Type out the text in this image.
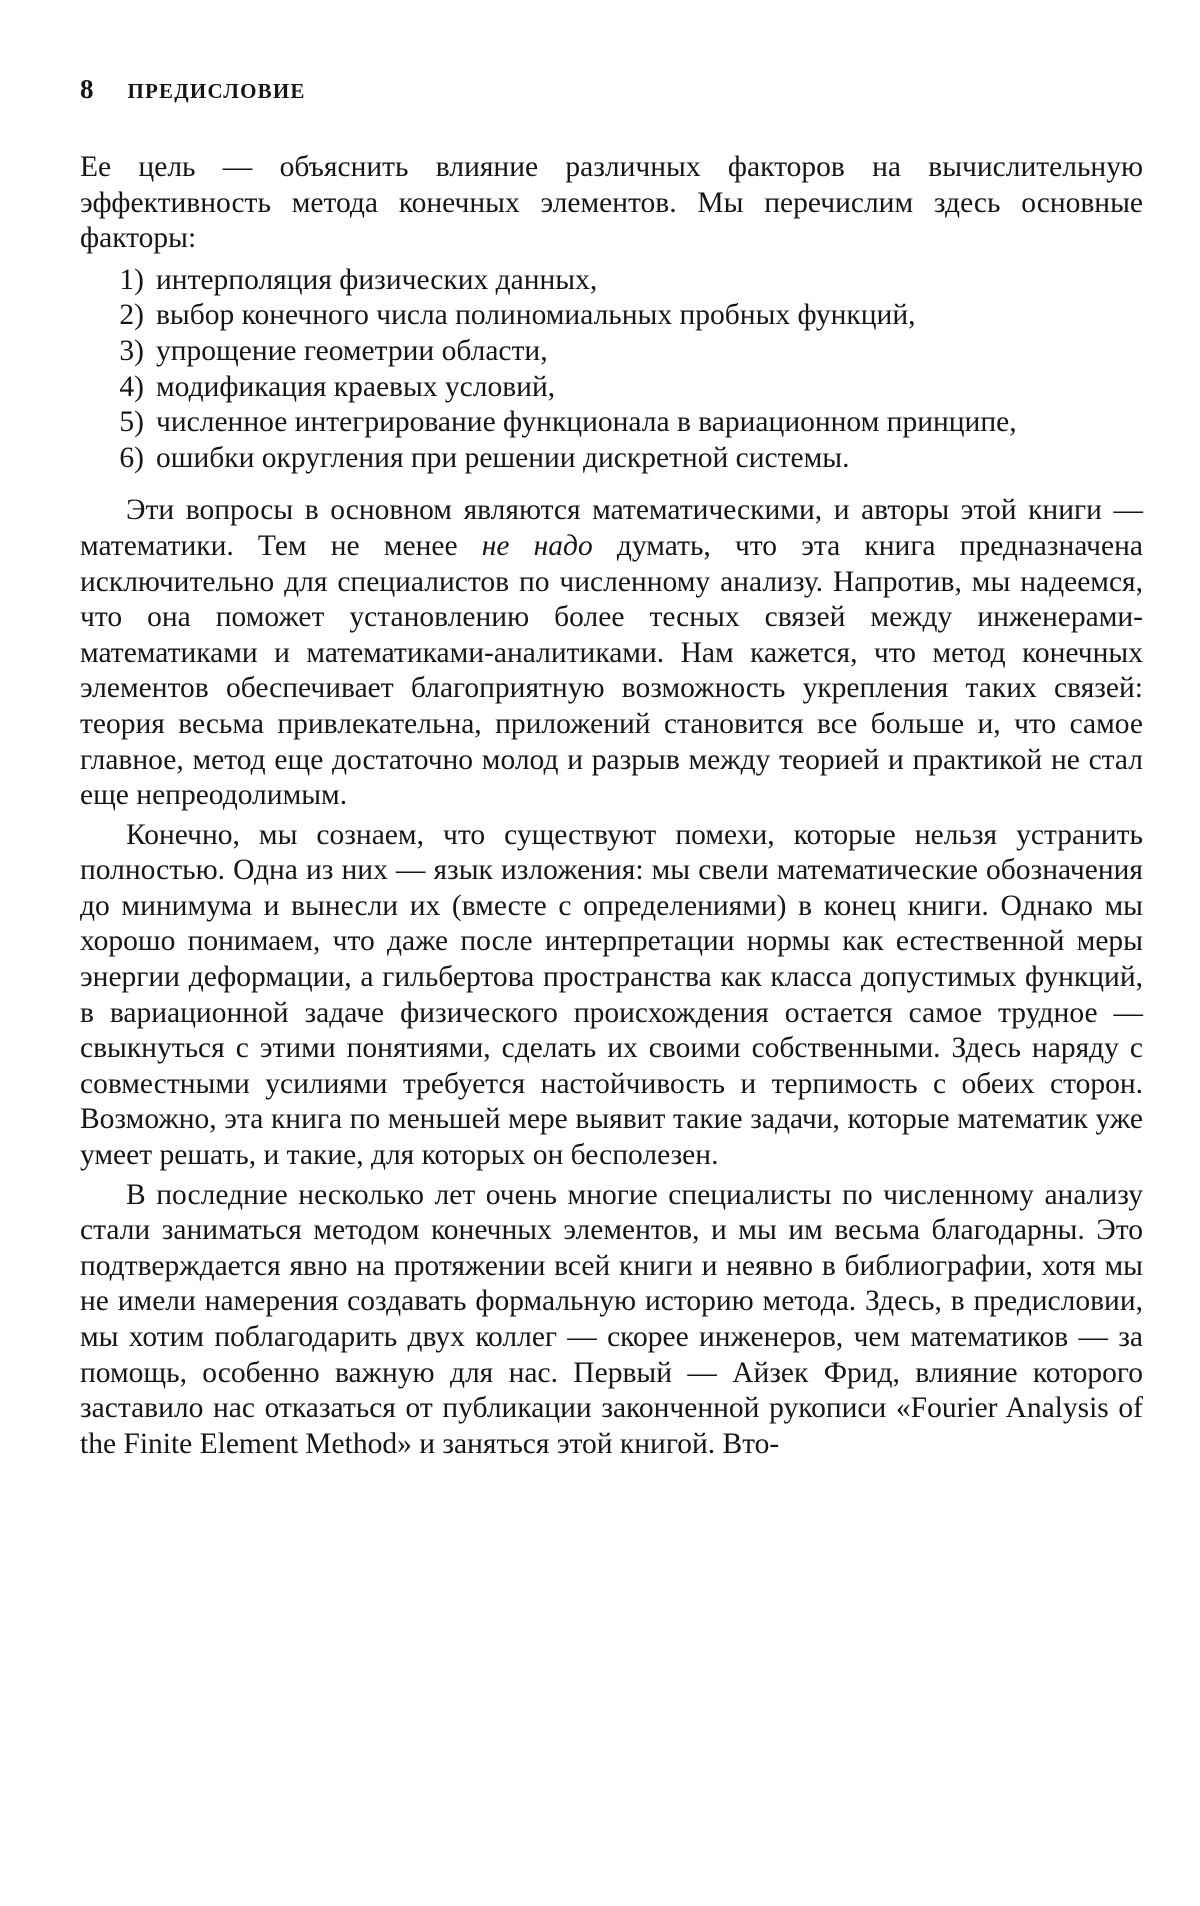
8 ПРЕДИСЛОВИЕ

Ее цель — объяснить влияние различных факторов на вычислительную эффективность метода конечных элементов. Мы перечислим здесь основные факторы:

1) интерполяция физических данных,
2) выбор конечного числа полиномиальных пробных функций,
3) упрощение геометрии области,
4) модификация краевых условий,
5) численное интегрирование функционала в вариационном принципе,
6) ошибки округления при решении дискретной системы.

Эти вопросы в основном являются математическими, и авторы этой книги — математики. Тем не менее не надо думать, что эта книга предназначена исключительно для специалистов по численному анализу. Напротив, мы надеемся, что она поможет установлению более тесных связей между инженерами-математиками и математиками-аналитиками. Нам кажется, что метод конечных элементов обеспечивает благоприятную возможность укрепления таких связей: теория весьма привлекательна, приложений становится все больше и, что самое главное, метод еще достаточно молод и разрыв между теорией и практикой не стал еще непреодолимым.

Конечно, мы сознаем, что существуют помехи, которые нельзя устранить полностью. Одна из них — язык изложения: мы свели математические обозначения до минимума и вынесли их (вместе с определениями) в конец книги. Однако мы хорошо понимаем, что даже после интерпретации нормы как естественной меры энергии деформации, а гильбертова пространства как класса допустимых функций, в вариационной задаче физического происхождения остается самое трудное — свыкнуться с этими понятиями, сделать их своими собственными. Здесь наряду с совместными усилиями требуется настойчивость и терпимость с обеих сторон. Возможно, эта книга по меньшей мере выявит такие задачи, которые математик уже умеет решать, и такие, для которых он бесполезен.

В последние несколько лет очень многие специалисты по численному анализу стали заниматься методом конечных элементов, и мы им весьма благодарны. Это подтверждается явно на протяжении всей книги и неявно в библиографии, хотя мы не имели намерения создавать формальную историю метода. Здесь, в предисловии, мы хотим поблагодарить двух коллег — скорее инженеров, чем математиков — за помощь, особенно важную для нас. Первый — Айзек Фрид, влияние которого заставило нас отказаться от публикации законченной рукописи «Fourier Analysis of the Finite Element Method» и заняться этой книгой. Вто-
